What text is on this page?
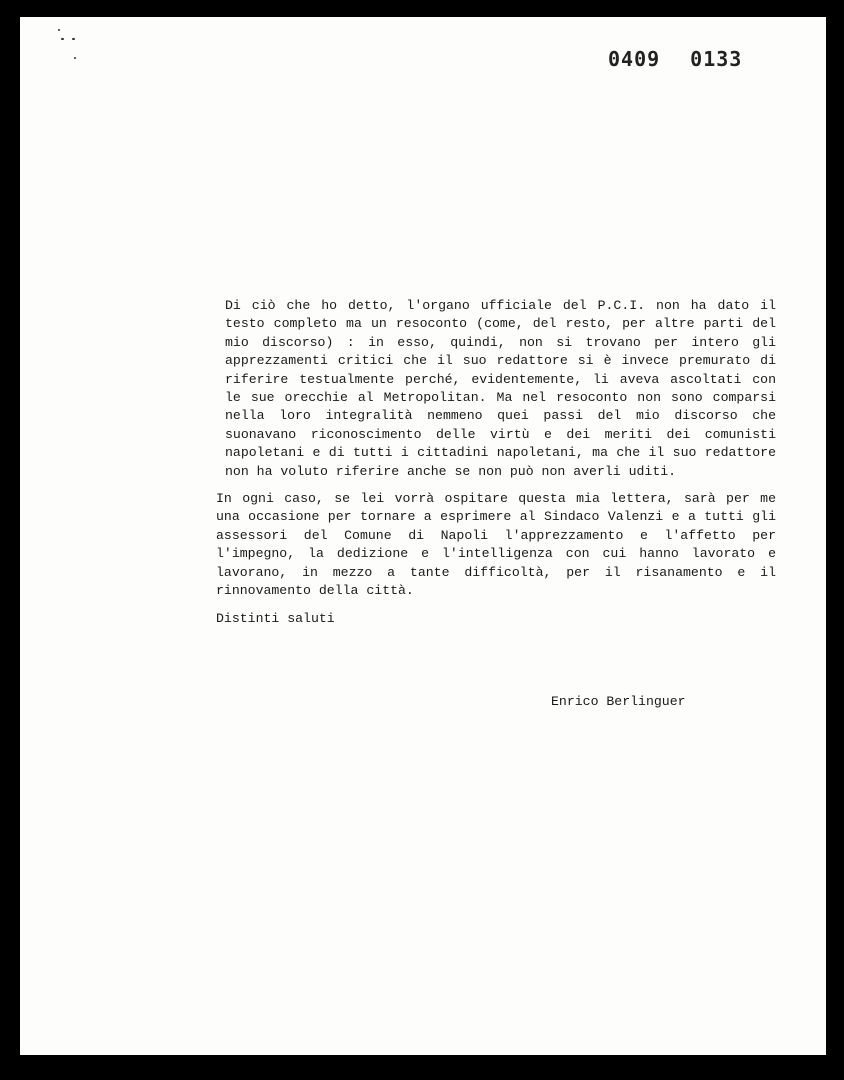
0409 0133

Di ciò che ho detto, l'organo ufficiale del P.C.I. non ha dato il testo completo ma un resoconto (come, del resto, per altre parti del mio discorso) : in esso, quindi, non si trovano per intero gli apprezzamenti critici che il suo redattore si è invece premurato di riferire testualmente perché, evidentemente, li aveva ascoltati con le sue orecchie al Metropolitan. Ma nel resoconto non sono comparsi nella loro integralità nemmeno quei passi del mio discorso che suonavano riconoscimento delle virtù e dei meriti dei comunisti napoletani e di tutti i cittadini napoletani, ma che il suo redattore non ha voluto riferire anche se non può non averli uditi.

In ogni caso, se lei vorrà ospitare questa mia lettera, sarà per me una occasione per tornare a esprimere al Sindaco Valenzi e a tutti gli assessori del Comune di Napoli l'apprezzamento e l'affetto per l'impegno, la dedizione e l'intelligenza con cui hanno lavorato e lavorano, in mezzo a tante difficoltà, per il risanamento e il rinnovamento della città.

Distinti saluti

Enrico Berlinguer
